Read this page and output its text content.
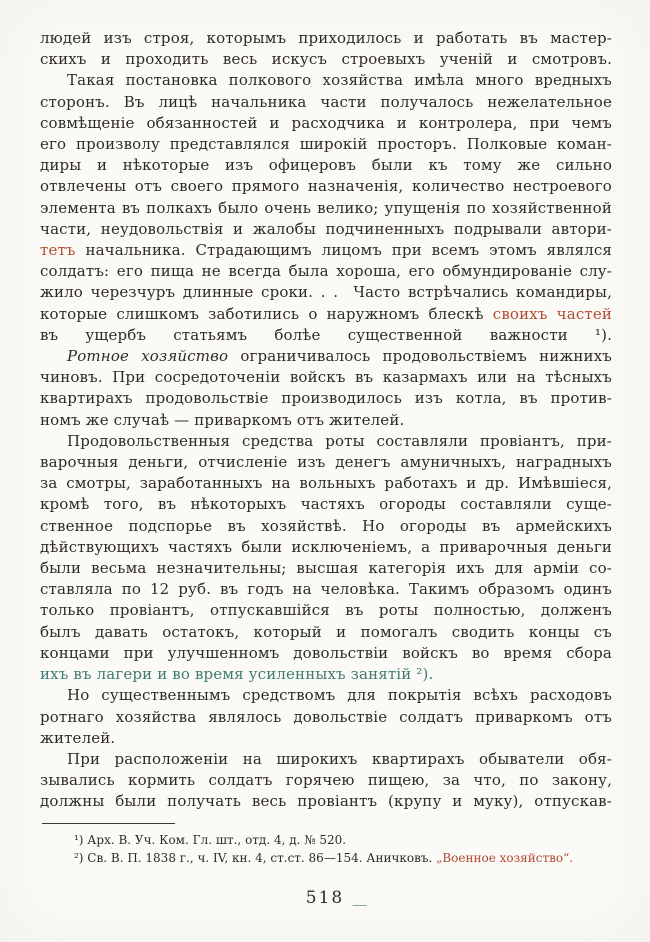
людей изъ строя, которымъ приходилось и работать въ мастер-
скихъ и проходить весь искусъ строевыхъ ученій и смотровъ.
Такая постановка полкового хозяйства имѣла много вредныхъ
сторонъ. Въ лицѣ начальника части получалось нежелательное
совмѣщеніе обязанностей и расходчика и контролера, при чемъ
его произволу представлялся широкій просторъ. Полковые коман-
диры и нѣкоторые изъ офицеровъ были къ тому же сильно
отвлечены отъ своего прямого назначенія, количество нестроевого
элемента въ полкахъ было очень велико; упущенія по хозяйственной
части, неудовольствія и жалобы подчиненныхъ подрывали автори-
тетъ начальника. Страдающимъ лицомъ при всемъ этомъ являлся
солдатъ: его пища не всегда была хороша, его обмундированіе слу-
жило черезчуръ длинные сроки. . .  Часто встрѣчались командиры,
которые слишкомъ заботились о наружномъ блескѣ своихъ частей
въ ущербъ статьямъ болѣе существенной важности ¹).
Ротное хозяйство ограничивалось продовольствіемъ нижнихъ
чиновъ. При сосредоточеніи войскъ въ казармахъ или на тѣсныхъ
квартирахъ продовольствіе производилось изъ котла, въ против-
номъ же случаѣ — приваркомъ отъ жителей.
Продовольственныя средства роты составляли провіантъ, при-
варочныя деньги, отчисленіе изъ денегъ амуничныхъ, наградныхъ
за смотры, заработанныхъ на вольныхъ работахъ и др. Имѣвшіеся,
кромѣ того, въ нѣкоторыхъ частяхъ огороды составляли суще-
ственное подспорье въ хозяйствѣ. Но огороды въ армейскихъ
дѣйствующихъ частяхъ были исключеніемъ, а приварочныя деньги
были весьма незначительны; высшая категорія ихъ для арміи со-
ставляла по 12 руб. въ годъ на человѣка. Такимъ образомъ одинъ
только провіантъ, отпускавшійся въ роты полностью, долженъ
былъ давать остатокъ, который и помогалъ сводить концы съ
концами при улучшенномъ довольствіи войскъ во время сбора
ихъ въ лагери и во время усиленныхъ занятій ²).
Но существеннымъ средствомъ для покрытія всѣхъ расходовъ
ротнаго хозяйства являлось довольствіе солдатъ приваркомъ отъ
жителей.
При расположеніи на широкихъ квартирахъ обыватели обя-
зывались кормить солдатъ горячею пищею, за что, по закону,
должны были получать весь провіантъ (крупу и муку), отпускав-
¹) Арх. В. Уч. Ком. Гл. шт., отд. 4, д. № 520.
²) Св. В. П. 1838 г., ч. IV, кн. 4, ст.ст. 86—154. Аничковъ. „Военное хозяйство“.
518 —-
